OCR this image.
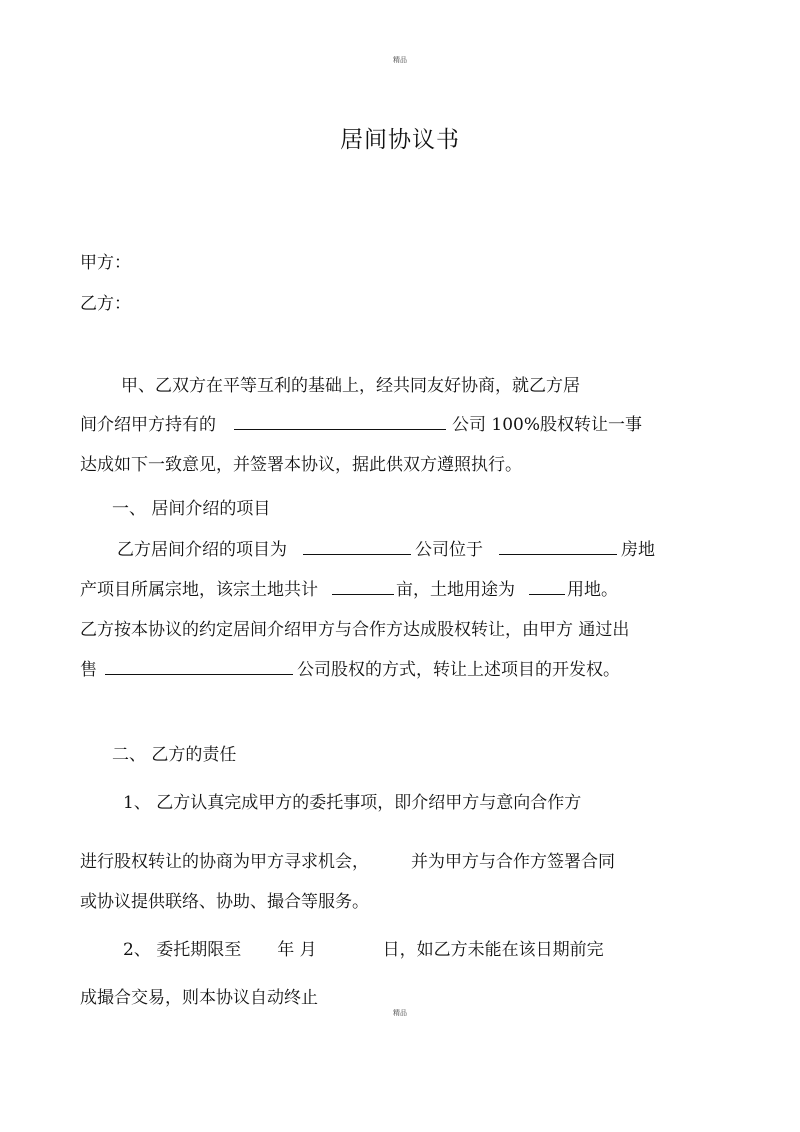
精品
居间协议书
甲方：
乙方：
甲、乙双方在平等互利的基础上，经共同友好协商，就乙方居
间介绍甲方持有的	公司 100%股权转让一事
达成如下一致意见，并签署本协议，据此供双方遵照执行。
一、 居间介绍的项目
乙方居间介绍的项目为	公司位于	房地
产项目所属宗地，该宗土地共计	亩，土地用途为	用地。
乙方按本协议的约定居间介绍甲方与合作方达成股权转让，由甲方 通过出
售	公司股权的方式，转让上述项目的开发权。
二、 乙方的责任
1、 乙方认真完成甲方的委托事项，即介绍甲方与意向合作方
进行股权转让的协商为甲方寻求机会， 并为甲方与合作方签署合同
或协议提供联络、协助、撮合等服务。
2、 委托期限至 年 月	日，如乙方未能在该日期前完
成撮合交易，则本协议自动终止
精品
